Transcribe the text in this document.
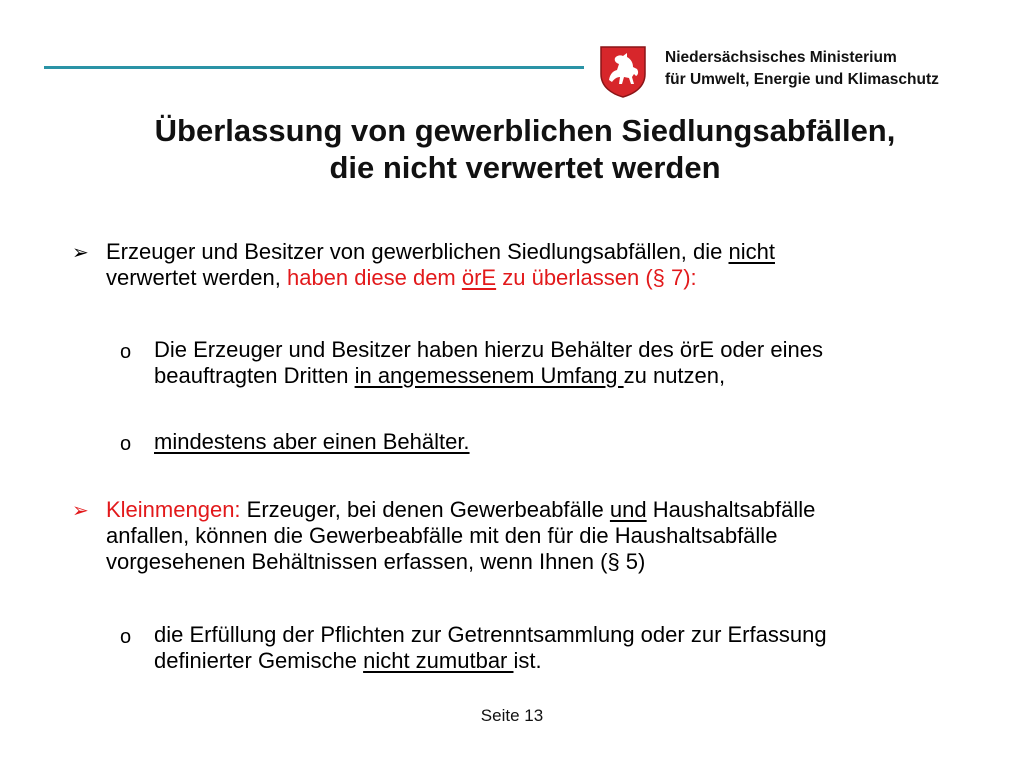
Niedersächsisches Ministerium
für Umwelt, Energie und Klimaschutz
Überlassung von gewerblichen Siedlungsabfällen,
die nicht verwertet werden
➢ Erzeuger und Besitzer von gewerblichen Siedlungsabfällen, die nicht
verwertet werden, haben diese dem örE zu überlassen (§ 7):
o Die Erzeuger und Besitzer haben hierzu Behälter des örE oder eines
beauftragten Dritten in angemessenem Umfang zu nutzen,
o mindestens aber einen Behälter.
➢ Kleinmengen: Erzeuger, bei denen Gewerbeabfälle und Haushaltsabfälle
anfallen, können die Gewerbeabfälle mit den für die Haushaltsabfälle
vorgesehenen Behältnissen erfassen, wenn Ihnen (§ 5)
o die Erfüllung der Pflichten zur Getrenntsammlung oder zur Erfassung
definierter Gemische nicht zumutbar ist.
Seite 13
